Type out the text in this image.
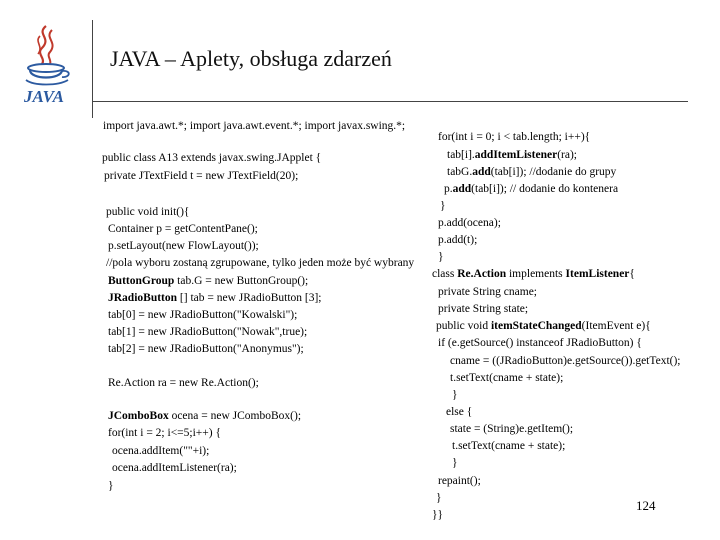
JAVA
JAVA – Aplety, obsługa zdarzeń
import java.awt.*; import java.awt.event.*; import javax.swing.*;
public class A13 extends javax.swing.JApplet {
private JTextField t = new JTextField(20);
public void init(){
Container p = getContentPane();
p.setLayout(new FlowLayout());
//pola wyboru zostaną zgrupowane, tylko jeden może być wybrany
ButtonGroup tab.G = new ButtonGroup();
JRadioButton [] tab = new JRadioButton [3];
tab[0] = new JRadioButton("Kowalski");
tab[1] = new JRadioButton("Nowak",true);
tab[2] = new JRadioButton("Anonymus");
Re.Action ra = new Re.Action();
JComboBox ocena = new JComboBox();
for(int i = 2; i<=5;i++) {
ocena.addItem(""+i);
ocena.addItemListener(ra);
}
for(int i = 0; i < tab.length; i++){
tab[i].addItemListener(ra);
tabG.add(tab[i]); //dodanie do grupy
p.add(tab[i]); // dodanie do kontenera
}
p.add(ocena);
p.add(t);
}
class Re.Action implements ItemListener{
private String cname;
private String state;
public void itemStateChanged(ItemEvent e){
if (e.getSource() instanceof JRadioButton) {
cname = ((JRadioButton)e.getSource()).getText();
t.setText(cname + state);
}
else {
state = (String)e.getItem();
t.setText(cname + state);
}
repaint();
}
}}
124
